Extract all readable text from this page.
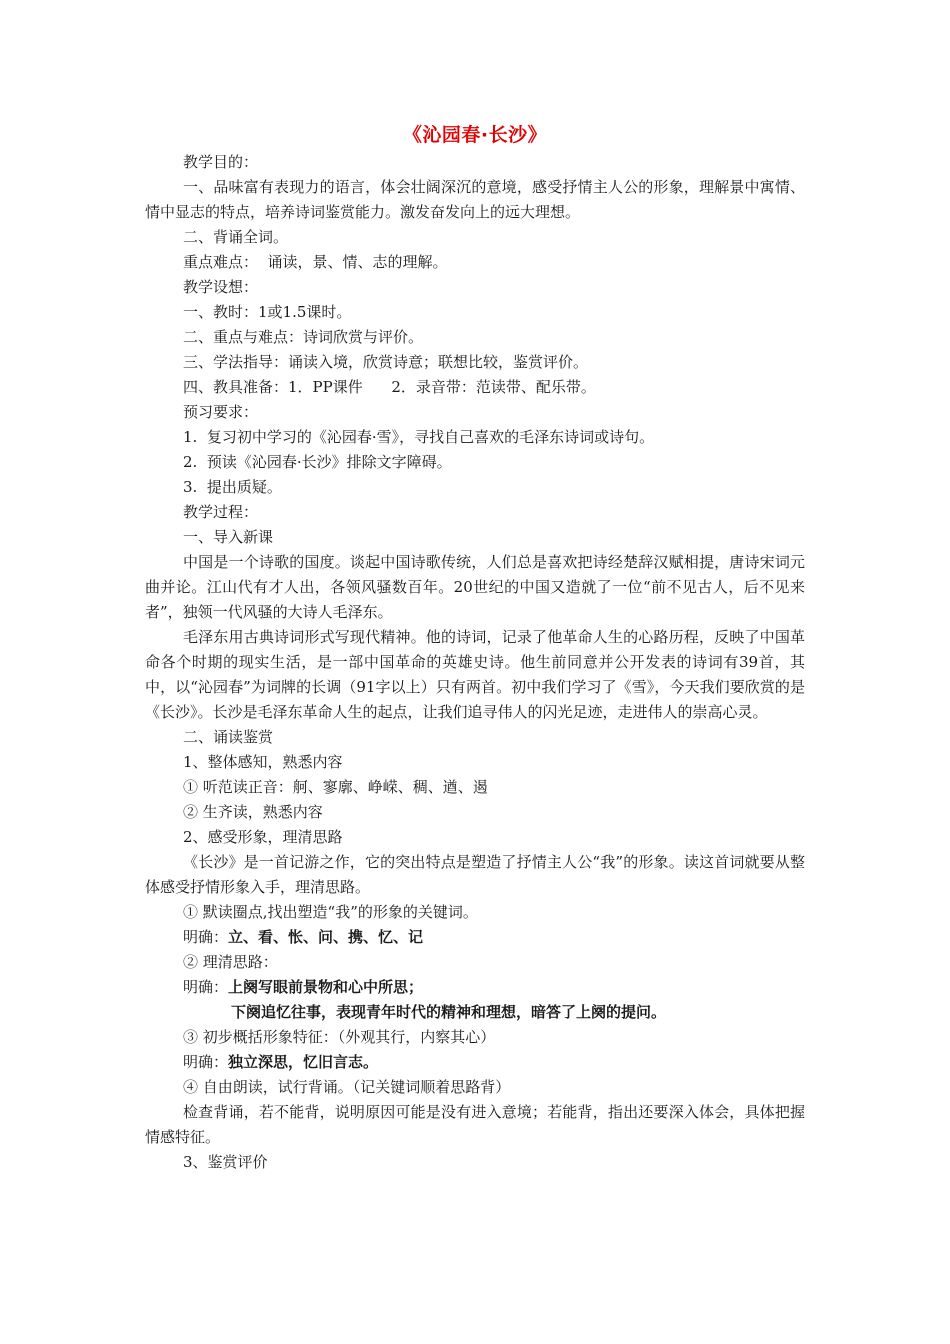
《沁园春·长沙》

教学目的：

一、品味富有表现力的语言，体会壮阔深沉的意境，感受抒情主人公的形象，理解景中寓情、情中显志的特点，培养诗词鉴赏能力。激发奋发向上的远大理想。

二、背诵全词。

重点难点：  诵读，景、情、志的理解。

教学设想：

一、教时：1或1.5课时。

二、重点与难点：诗词欣赏与评价。

三、学法指导：诵读入境，欣赏诗意；联想比较，鉴赏评价。

四、教具准备：1．PP课件      2．录音带：范读带、配乐带。

预习要求：

1.  复习初中学习的《沁园春·雪》，寻找自己喜欢的毛泽东诗词或诗句。

2.  预读《沁园春·长沙》排除文字障碍。

3.  提出质疑。

教学过程：

一、导入新课

中国是一个诗歌的国度。谈起中国诗歌传统，人们总是喜欢把诗经楚辞汉赋相提，唐诗宋词元曲并论。江山代有才人出，各领风骚数百年。20世纪的中国又造就了一位“前不见古人，后不见来者”，独领一代风骚的大诗人毛泽东。

毛泽东用古典诗词形式写现代精神。他的诗词，记录了他革命人生的心路历程，反映了中国革命各个时期的现实生活，是一部中国革命的英雄史诗。他生前同意并公开发表的诗词有39首，其中，以“沁园春”为词牌的长调（91字以上）只有两首。初中我们学习了《雪》，今天我们要欣赏的是《长沙》。长沙是毛泽东革命人生的起点，让我们追寻伟人的闪光足迹，走进伟人的崇高心灵。

二、诵读鉴赏

1、整体感知，熟悉内容

① 听范读正音：舸、寥廓、峥嵘、稠、遒、遏

② 生齐读，熟悉内容

2、感受形象，理清思路

《长沙》是一首记游之作，它的突出特点是塑造了抒情主人公“我”的形象。读这首词就要从整体感受抒情形象入手，理清思路。

① 默读圈点,找出塑造“我”的形象的关键词。

明确：立、看、怅、问、携、忆、记

② 理清思路：

明确：上阕写眼前景物和心中所思；

下阕追忆往事，表现青年时代的精神和理想，暗答了上阕的提问。

③ 初步概括形象特征：（外观其行，内察其心）

明确：独立深思，忆旧言志。

④ 自由朗读，试行背诵。（记关键词顺着思路背）

检查背诵，若不能背，说明原因可能是没有进入意境；若能背，指出还要深入体会，具体把握情感特征。

3、鉴赏评价
